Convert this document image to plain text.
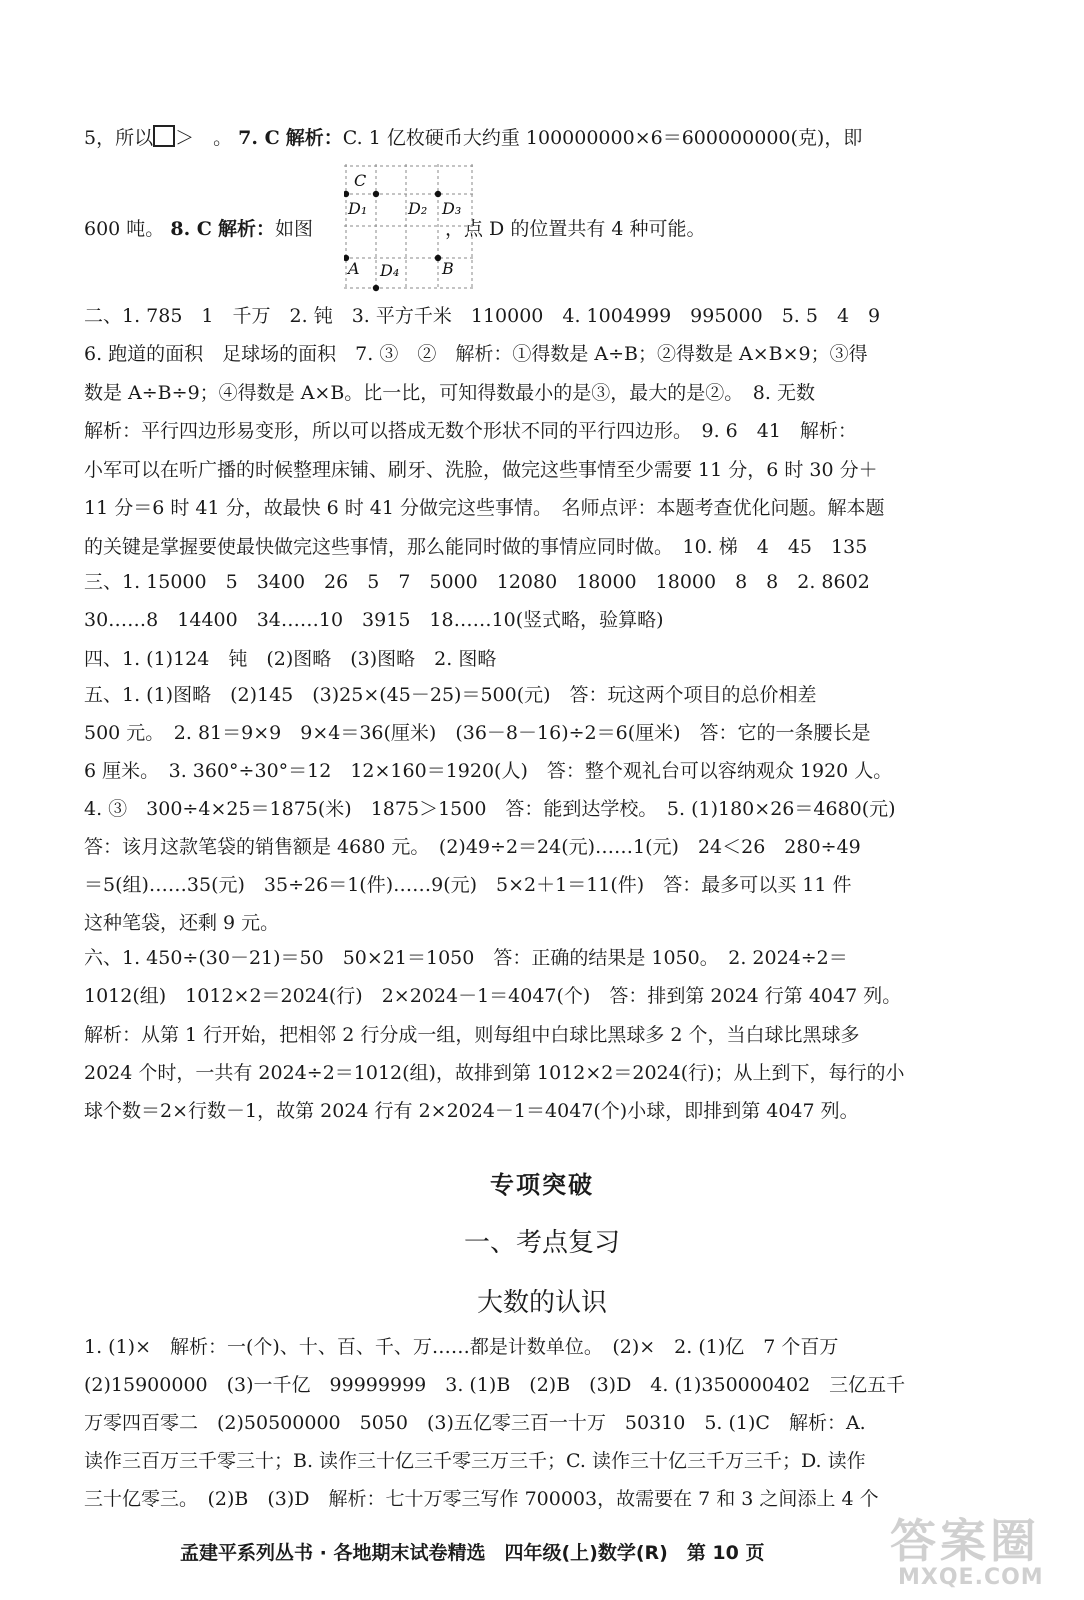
5，所以 ＞　。 7. C 解析：C. 1 亿枚硬币大约重 100000000×6＝600000000(克)，即
600 吨。 8. C 解析：如图	，点 D 的位置共有 4 种可能。
C
D₁	D₂ D₃
A D₄	B
二、1. 785　1　千万　2. 钝　3. 平方千米　110000　4. 1004999　995000　5. 5　4　9
6. 跑道的面积　足球场的面积　7. ③　②　解析：①得数是 A÷B；②得数是 A×B×9；③得
数是 A÷B÷9；④得数是 A×B。比一比，可知得数最小的是③，最大的是②。　8. 无数
解析：平行四边形易变形，所以可以搭成无数个形状不同的平行四边形。　9. 6　41　解析：
小军可以在听广播的时候整理床铺、刷牙、洗脸，做完这些事情至少需要 11 分，6 时 30 分＋
11 分＝6 时 41 分，故最快 6 时 41 分做完这些事情。　名师点评：本题考查优化问题。解本题
的关键是掌握要使最快做完这些事情，那么能同时做的事情应同时做。　10. 梯　4　45　135
三、1. 15000　5　3400　26　5　7　5000　12080　18000　18000　8　8　2. 8602
30……8　14400　34……10　3915　18……10(竖式略，验算略)
四、1. (1)124　钝　(2)图略　(3)图略　2. 图略
五、1. (1)图略　(2)145　(3)25×(45－25)＝500(元)　答：玩这两个项目的总价相差
500 元。　2. 81＝9×9　9×4＝36(厘米)　(36－8－16)÷2＝6(厘米)　答：它的一条腰长是
6 厘米。　3. 360°÷30°＝12　12×160＝1920(人)　答：整个观礼台可以容纳观众 1920 人。
4. ③　300÷4×25＝1875(米)　1875＞1500　答：能到达学校。　5. (1)180×26＝4680(元)
答：该月这款笔袋的销售额是 4680 元。　(2)49÷2＝24(元)……1(元)　24＜26　280÷49
＝5(组)……35(元)　35÷26＝1(件)……9(元)　5×2＋1＝11(件)　答：最多可以买 11 件
这种笔袋，还剩 9 元。
六、1. 450÷(30－21)＝50　50×21＝1050　答：正确的结果是 1050。　2. 2024÷2＝
1012(组)　1012×2＝2024(行)　2×2024－1＝4047(个)　答：排到第 2024 行第 4047 列。
解析：从第 1 行开始，把相邻 2 行分成一组，则每组中白球比黑球多 2 个，当白球比黑球多
2024 个时，一共有 2024÷2＝1012(组)，故排到第 1012×2＝2024(行)；从上到下，每行的小
球个数＝2×行数－1，故第 2024 行有 2×2024－1＝4047(个)小球，即排到第 4047 列。
专项突破
一、考点复习
大数的认识
1. (1)×　解析：一(个)、十、百、千、万……都是计数单位。　(2)×　2. (1)亿　7 个百万
(2)15900000　(3)一千亿　99999999　3. (1)B　(2)B　(3)D　4. (1)350000402　三亿五千
万零四百零二　(2)50500000　5050　(3)五亿零三百一十万　50310　5. (1)C　解析：A.
读作三百万三千零三十；B. 读作三十亿三千零三万三千；C. 读作三十亿三千万三千；D. 读作
三十亿零三。　(2)B　(3)D　解析：七十万零三写作 700003，故需要在 7 和 3 之间添上 4 个
孟建平系列丛书 · 各地期末试卷精选　四年级(上)数学(R)　第 10 页	答案圈
MXQE.COM
